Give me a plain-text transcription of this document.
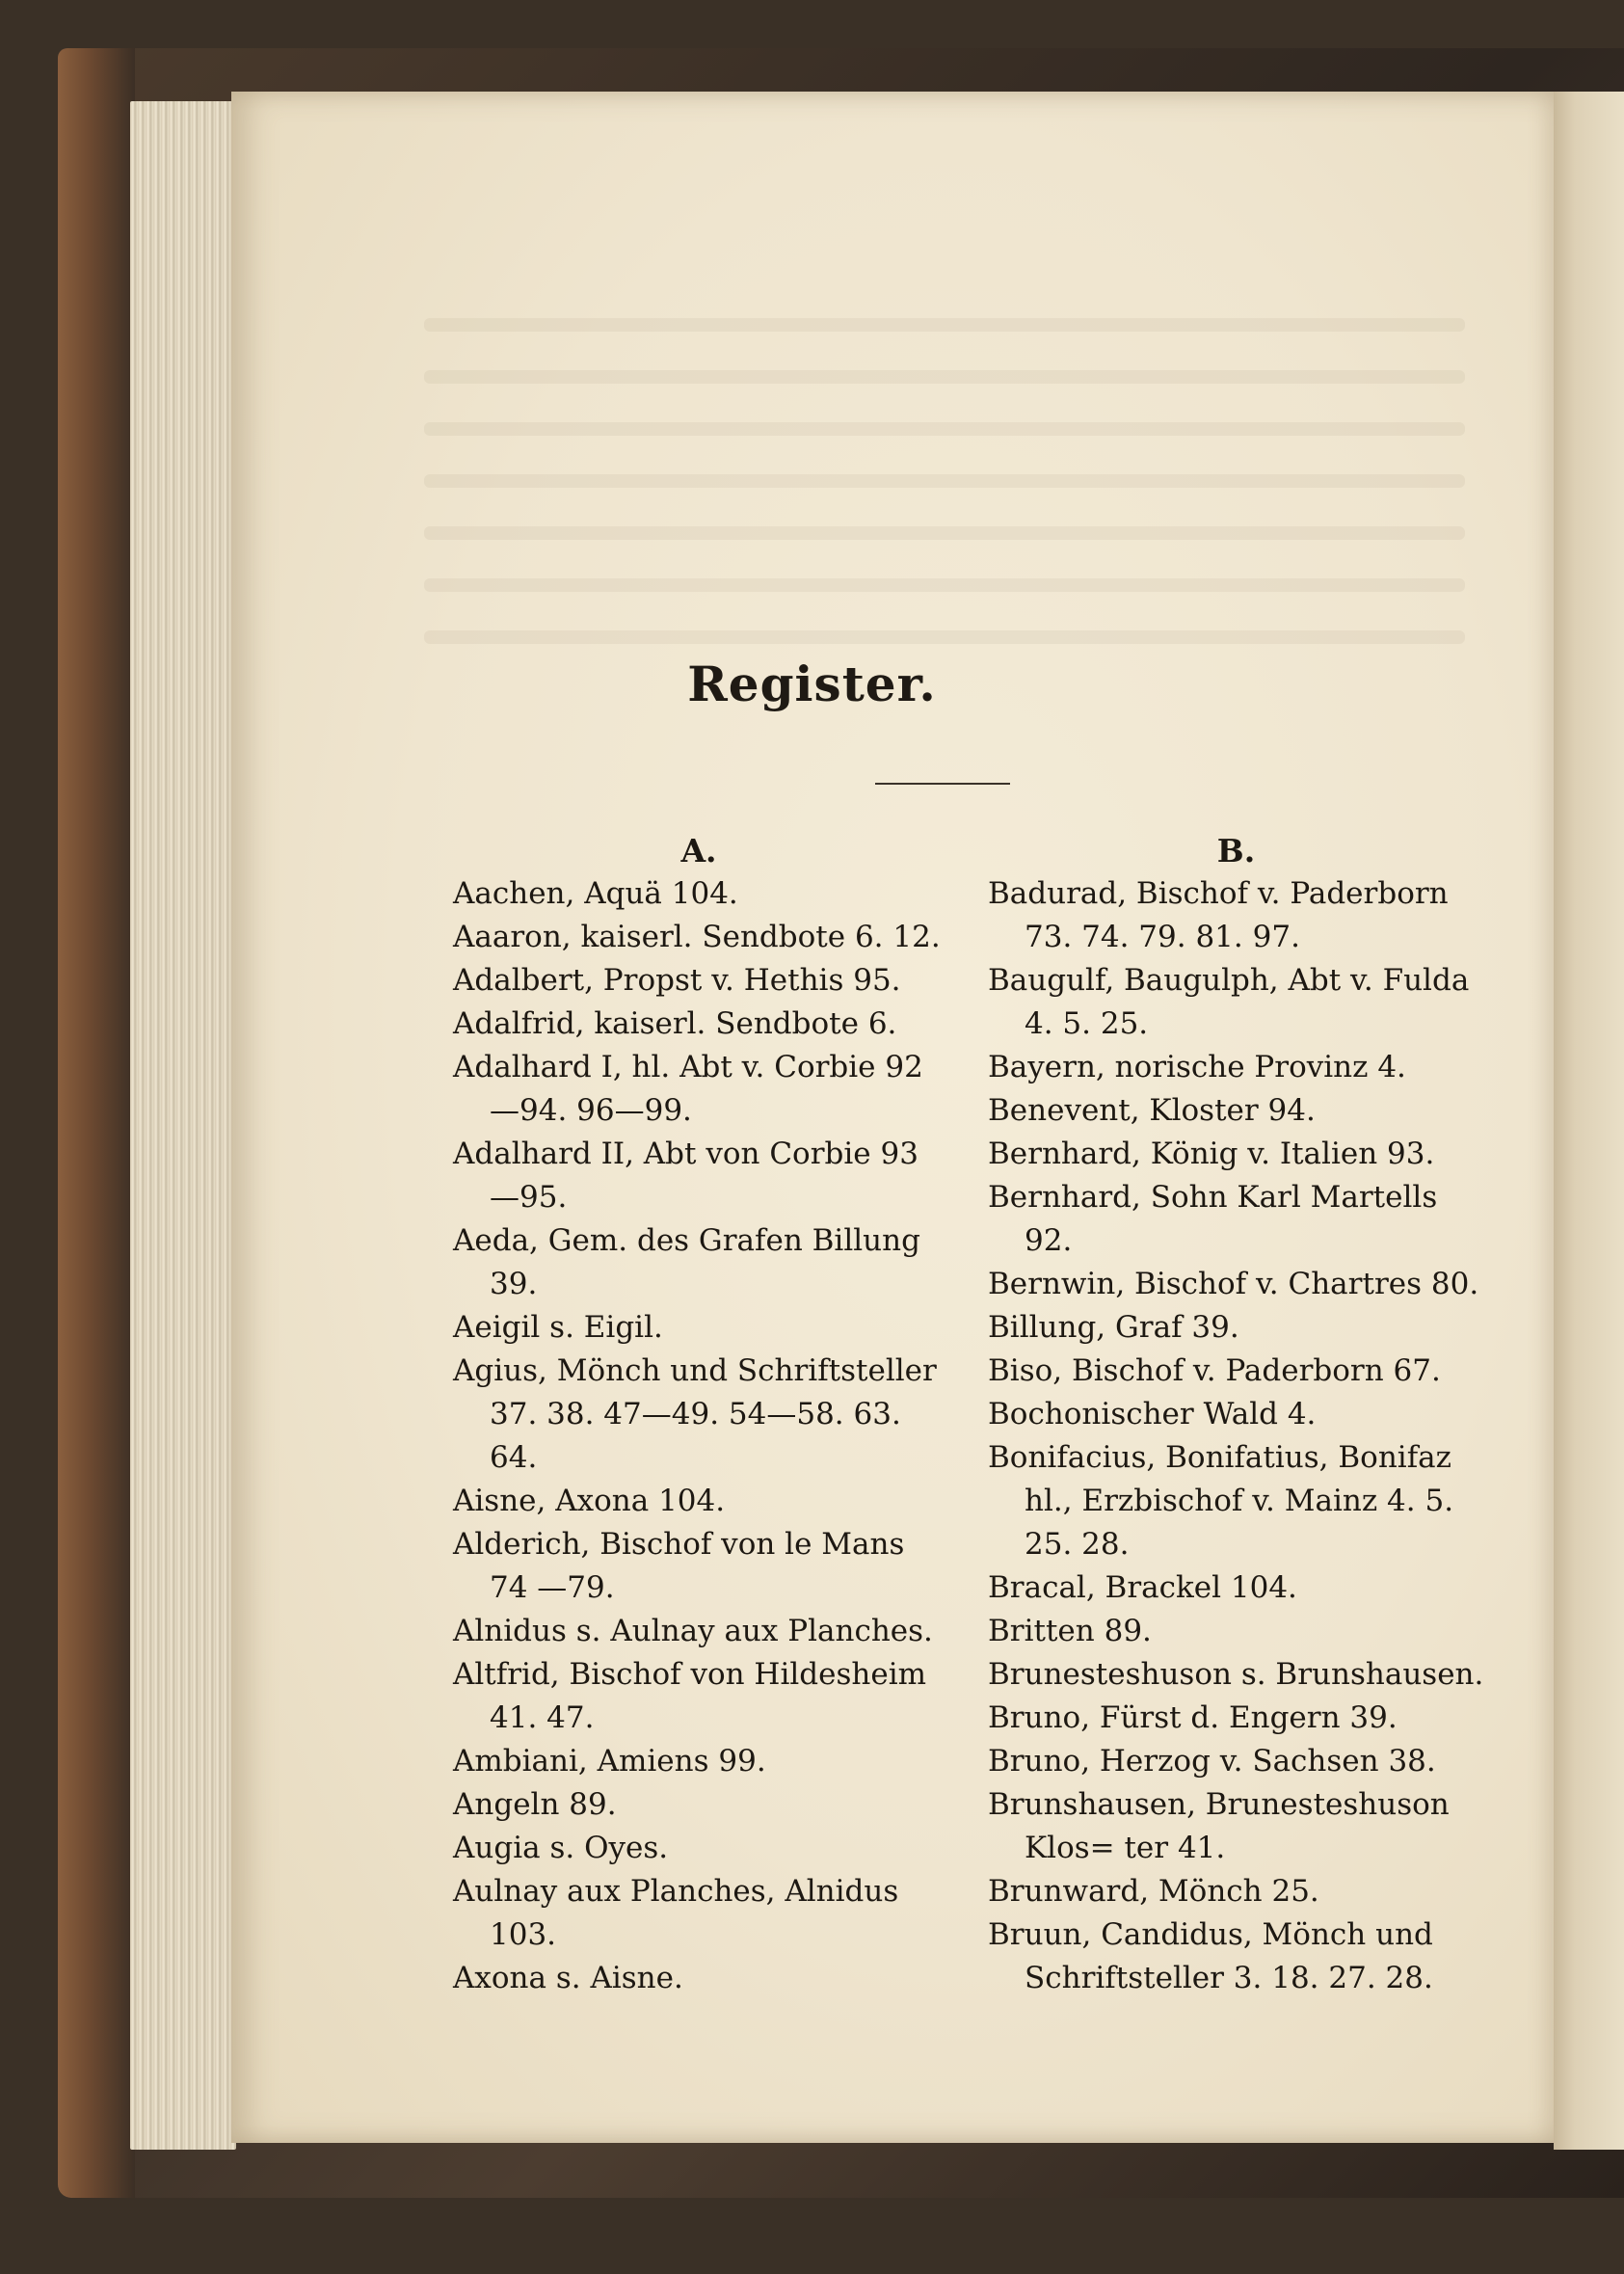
Register.
A.
Aachen, Aquä 104.
Aaaron, kaiserl. Sendbote 6. 12.
Adalbert, Propst v. Hethis 95.
Adalfrid, kaiserl. Sendbote 6.
Adalhard I, hl. Abt v. Corbie 92 —94. 96—99.
Adalhard II, Abt von Corbie 93 —95.
Aeda, Gem. des Grafen Billung 39.
Aeigil s. Eigil.
Agius, Mönch und Schriftsteller 37. 38. 47—49. 54—58. 63. 64.
Aisne, Axona 104.
Alderich, Bischof von le Mans 74 —79.
Alnidus s. Aulnay aux Planches.
Altfrid, Bischof von Hildesheim 41. 47.
Ambiani, Amiens 99.
Angeln 89.
Augia s. Oyes.
Aulnay aux Planches, Alnidus 103.
Axona s. Aisne.
B.
Badurad, Bischof v. Paderborn 73. 74. 79. 81. 97.
Baugulf, Baugulph, Abt v. Fulda 4. 5. 25.
Bayern, norische Provinz 4.
Benevent, Kloster 94.
Bernhard, König v. Italien 93.
Bernhard, Sohn Karl Martells 92.
Bernwin, Bischof v. Chartres 80.
Billung, Graf 39.
Biso, Bischof v. Paderborn 67.
Bochonischer Wald 4.
Bonifacius, Bonifatius, Bonifaz hl., Erzbischof v. Mainz 4. 5. 25. 28.
Bracal, Brackel 104.
Britten 89.
Brunesteshuson s. Brunshausen.
Bruno, Fürst d. Engern 39.
Bruno, Herzog v. Sachsen 38.
Brunshausen, Brunesteshuson Klos= ter 41.
Brunward, Mönch 25.
Bruun, Candidus, Mönch und Schriftsteller 3. 18. 27. 28.
